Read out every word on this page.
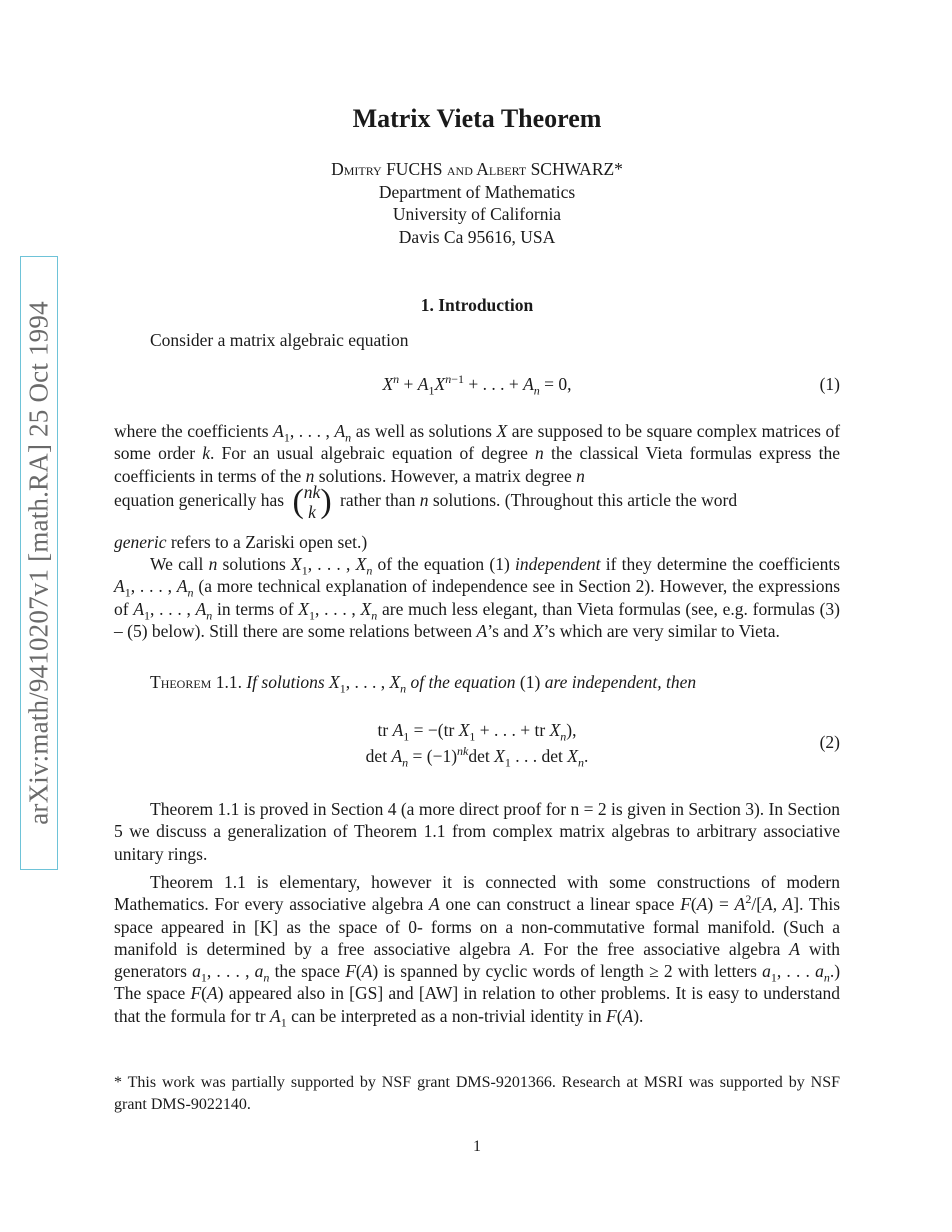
arXiv:math/9410207v1 [math.RA] 25 Oct 1994
Matrix Vieta Theorem
Dmitry FUCHS and Albert SCHWARZ*
Department of Mathematics
University of California
Davis Ca 95616, USA
1. Introduction

Consider a matrix algebraic equation

$X^n + A_1X^{n-1}$ + . . . + $A_n = 0$,	(1)

where the coefficients $A_1$, . . . , $A_n$ as well as solutions X are supposed to be square complex matrices of some order k. For an usual algebraic equation of degree n the classical Vieta formulas express the coefficients in terms of the n solutions. However, a matrix degree n

equation generically has (nk
k ) rather than n solutions. (Throughout this article the word

generic refers to a Zariski open set.)

We call n solutions $X_1$, . . . , $X_n$ of the equation (1) independent if they determine the coefficients $A_1$, . . . , $A_n$ (a more technical explanation of independence see in Section 2). However, the expressions of $A_1$, . . . , $A_n$ in terms of $X_1$, . . . , $X_n$ are much less elegant, than Vieta formulas (see, e.g. formulas (3) – (5) below). Still there are some relations between A’s and X’s which are very similar to Vieta.

Theorem 1.1. If solutions $X_1$, . . . , $X_n$ of the equation (1) are independent, then

tr $A_1 = -(tr$ $X_1$ + . . . + tr $X_n$),
$\det A_n = (-1)^{nk}\det$ $X_1$ . . . $\det X_n$.
(2)

Theorem 1.1 is proved in Section 4 (a more direct proof for n = 2 is given in Section 3). In Section 5 we discuss a generalization of Theorem 1.1 from complex matrix algebras to arbitrary associative unitary rings.

Theorem 1.1 is elementary, however it is connected with some constructions of modern Mathematics. For every associative algebra A one can construct a linear space $F(A) = A^2/[A$, A]. This space appeared in [K] as the space of 0- forms on a non-commutative formal manifold. (Such a manifold is determined by a free associative algebra A. For the free associative algebra A with generators $a_1$, . . . , $a_n$ the space F(A) is spanned by cyclic words of length ≥ 2 with letters $a_1$, . . . $a_n$.) The space F(A) appeared also in [GS] and [AW] in relation to other problems. It is easy to understand that the formula for tr $A_1$ can be interpreted as a non-trivial identity in F(A).

* This work was partially supported by NSF grant DMS-9201366. Research at MSRI was supported by NSF grant DMS-9022140.
1
